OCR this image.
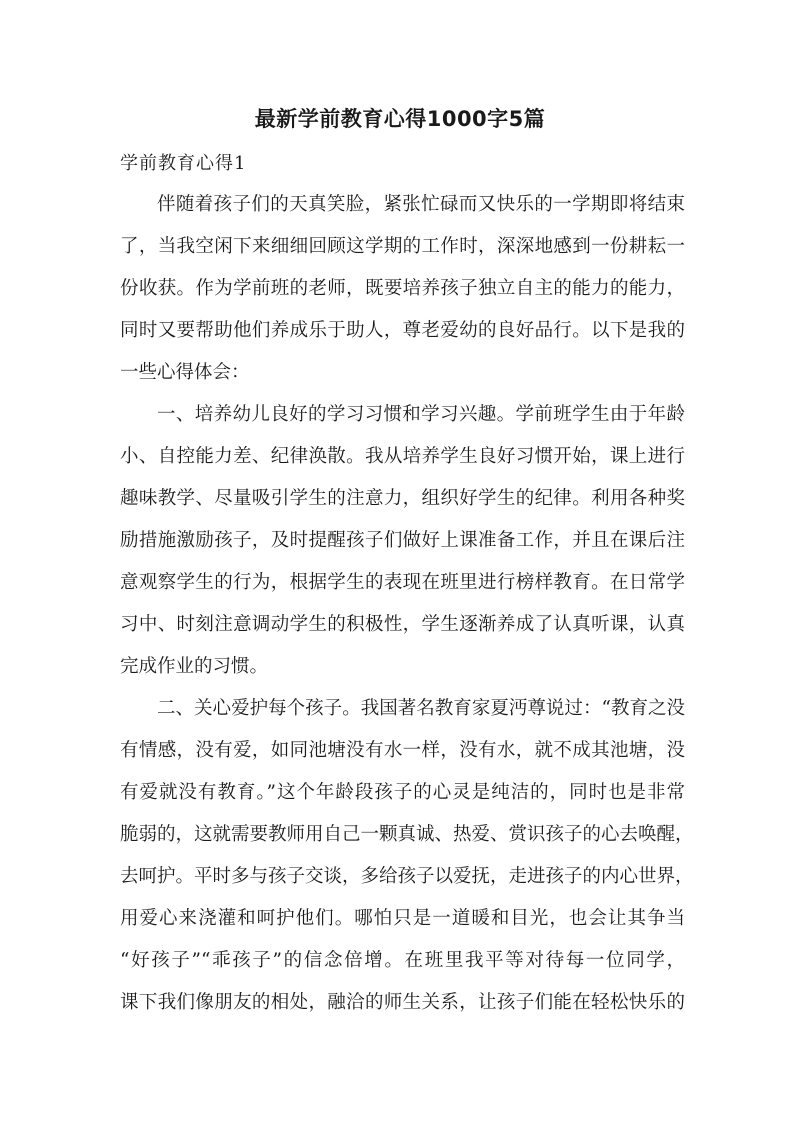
最新学前教育心得1000字5篇
学前教育心得1
伴随着孩子们的天真笑脸，紧张忙碌而又快乐的一学期即将结束
了，当我空闲下来细细回顾这学期的工作时，深深地感到一份耕耘一
份收获。作为学前班的老师，既要培养孩子独立自主的能力的能力，
同时又要帮助他们养成乐于助人，尊老爱幼的良好品行。以下是我的
一些心得体会：
一、培养幼儿良好的学习习惯和学习兴趣。学前班学生由于年龄
小、自控能力差、纪律涣散。我从培养学生良好习惯开始，课上进行
趣味教学、尽量吸引学生的注意力，组织好学生的纪律。利用各种奖
励措施激励孩子，及时提醒孩子们做好上课准备工作，并且在课后注
意观察学生的行为，根据学生的表现在班里进行榜样教育。在日常学
习中、时刻注意调动学生的积极性，学生逐渐养成了认真听课，认真
完成作业的习惯。
二、关心爱护每个孩子。我国著名教育家夏沔尊说过：“教育之没
有情感，没有爱，如同池塘没有水一样，没有水，就不成其池塘，没
有爱就没有教育。”这个年龄段孩子的心灵是纯洁的，同时也是非常
脆弱的，这就需要教师用自己一颗真诚、热爱、赏识孩子的心去唤醒，
去呵护。平时多与孩子交谈，多给孩子以爱抚，走进孩子的内心世界，
用爱心来浇灌和呵护他们。哪怕只是一道暖和目光，也会让其争当
“好孩子”“乖孩子”的信念倍增。在班里我平等对待每一位同学，
课下我们像朋友的相处，融洽的师生关系，让孩子们能在轻松快乐的
